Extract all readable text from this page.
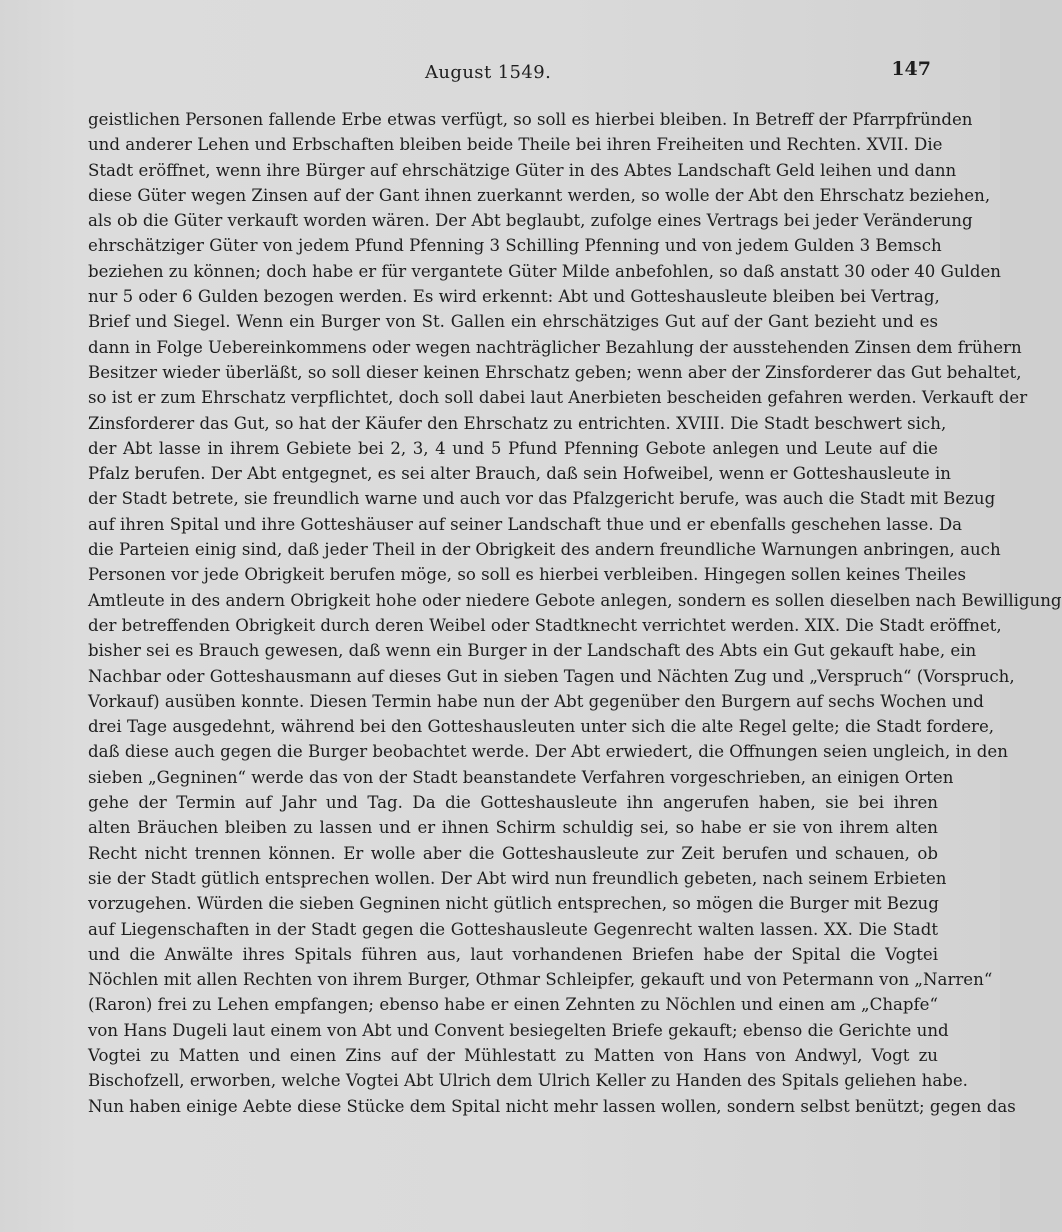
August 1549.	147
geistlichen Personen fallende Erbe etwas verfügt, so soll es hierbei bleiben. In Betreff der Pfarrpfründen
und anderer Lehen und Erbschaften bleiben beide Theile bei ihren Freiheiten und Rechten. XVII. Die
Stadt eröffnet, wenn ihre Bürger auf ehrschätzige Güter in des Abtes Landschaft Geld leihen und dann
diese Güter wegen Zinsen auf der Gant ihnen zuerkannt werden, so wolle der Abt den Ehrschatz beziehen,
als ob die Güter verkauft worden wären. Der Abt beglaubt, zufolge eines Vertrags bei jeder Veränderung
ehrschätziger Güter von jedem Pfund Pfenning 3 Schilling Pfenning und von jedem Gulden 3 Bemsch
beziehen zu können; doch habe er für vergantete Güter Milde anbefohlen, so daß anstatt 30 oder 40 Gulden
nur 5 oder 6 Gulden bezogen werden. Es wird erkennt: Abt und Gotteshausleute bleiben bei Vertrag,
Brief und Siegel. Wenn ein Burger von St. Gallen ein ehrschätziges Gut auf der Gant bezieht und es
dann in Folge Uebereinkommens oder wegen nachträglicher Bezahlung der ausstehenden Zinsen dem frühern
Besitzer wieder überläßt, so soll dieser keinen Ehrschatz geben; wenn aber der Zinsforderer das Gut behaltet,
so ist er zum Ehrschatz verpflichtet, doch soll dabei laut Anerbieten bescheiden gefahren werden. Verkauft der
Zinsforderer das Gut, so hat der Käufer den Ehrschatz zu entrichten. XVIII. Die Stadt beschwert sich,
der Abt lasse in ihrem Gebiete bei 2, 3, 4 und 5 Pfund Pfenning Gebote anlegen und Leute auf die
Pfalz berufen. Der Abt entgegnet, es sei alter Brauch, daß sein Hofweibel, wenn er Gotteshausleute in
der Stadt betrete, sie freundlich warne und auch vor das Pfalzgericht berufe, was auch die Stadt mit Bezug
auf ihren Spital und ihre Gotteshäuser auf seiner Landschaft thue und er ebenfalls geschehen lasse. Da
die Parteien einig sind, daß jeder Theil in der Obrigkeit des andern freundliche Warnungen anbringen, auch
Personen vor jede Obrigkeit berufen möge, so soll es hierbei verbleiben. Hingegen sollen keines Theiles
Amtleute in des andern Obrigkeit hohe oder niedere Gebote anlegen, sondern es sollen dieselben nach Bewilligung
der betreffenden Obrigkeit durch deren Weibel oder Stadtknecht verrichtet werden. XIX. Die Stadt eröffnet,
bisher sei es Brauch gewesen, daß wenn ein Burger in der Landschaft des Abts ein Gut gekauft habe, ein
Nachbar oder Gotteshausmann auf dieses Gut in sieben Tagen und Nächten Zug und „Verspruch“ (Vorspruch,
Vorkauf) ausüben konnte. Diesen Termin habe nun der Abt gegenüber den Burgern auf sechs Wochen und
drei Tage ausgedehnt, während bei den Gotteshausleuten unter sich die alte Regel gelte; die Stadt fordere,
daß diese auch gegen die Burger beobachtet werde. Der Abt erwiedert, die Offnungen seien ungleich, in den
sieben „Gegninen“ werde das von der Stadt beanstandete Verfahren vorgeschrieben, an einigen Orten
gehe der Termin auf Jahr und Tag. Da die Gotteshausleute ihn angerufen haben, sie bei ihren
alten Bräuchen bleiben zu lassen und er ihnen Schirm schuldig sei, so habe er sie von ihrem alten
Recht nicht trennen können. Er wolle aber die Gotteshausleute zur Zeit berufen und schauen, ob
sie der Stadt gütlich entsprechen wollen. Der Abt wird nun freundlich gebeten, nach seinem Erbieten
vorzugehen. Würden die sieben Gegninen nicht gütlich entsprechen, so mögen die Burger mit Bezug
auf Liegenschaften in der Stadt gegen die Gotteshausleute Gegenrecht walten lassen. XX. Die Stadt
und die Anwälte ihres Spitals führen aus, laut vorhandenen Briefen habe der Spital die Vogtei
Nöchlen mit allen Rechten von ihrem Burger, Othmar Schleipfer, gekauft und von Petermann von „Narren“
(Raron) frei zu Lehen empfangen; ebenso habe er einen Zehnten zu Nöchlen und einen am „Chapfe“
von Hans Dugeli laut einem von Abt und Convent besiegelten Briefe gekauft; ebenso die Gerichte und
Vogtei zu Matten und einen Zins auf der Mühlestatt zu Matten von Hans von Andwyl, Vogt zu
Bischofzell, erworben, welche Vogtei Abt Ulrich dem Ulrich Keller zu Handen des Spitals geliehen habe.
Nun haben einige Aebte diese Stücke dem Spital nicht mehr lassen wollen, sondern selbst benützt; gegen das
